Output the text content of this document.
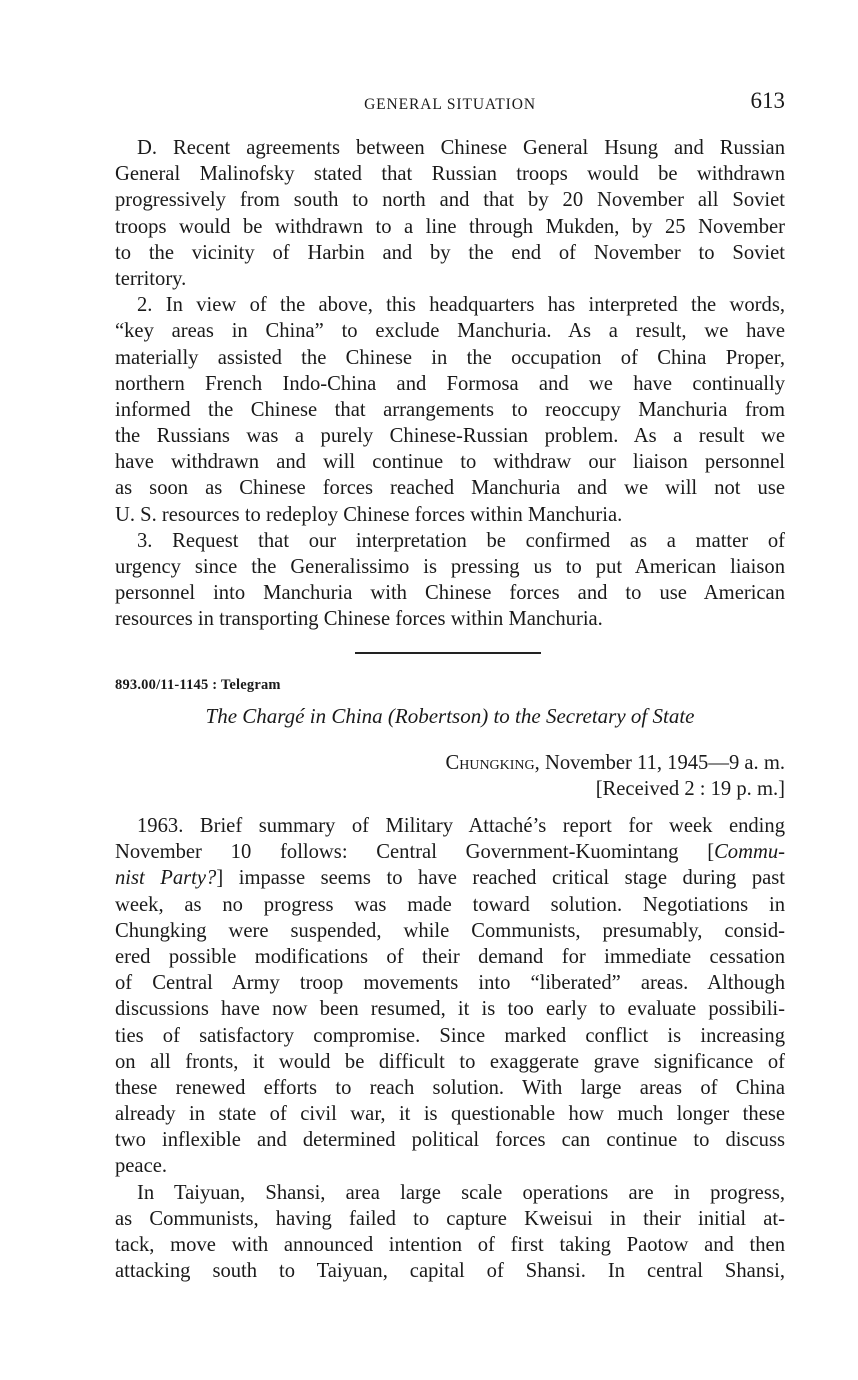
GENERAL SITUATION	613
D. Recent agreements between Chinese General Hsung and Russian
General Malinofsky stated that Russian troops would be withdrawn
progressively from south to north and that by 20 November all Soviet
troops would be withdrawn to a line through Mukden, by 25 November
to the vicinity of Harbin and by the end of November to Soviet
territory.
2. In view of the above, this headquarters has interpreted the words,
“key areas in China” to exclude Manchuria. As a result, we have
materially assisted the Chinese in the occupation of China Proper,
northern French Indo-China and Formosa and we have continually
informed the Chinese that arrangements to reoccupy Manchuria from
the Russians was a purely Chinese-Russian problem. As a result we
have withdrawn and will continue to withdraw our liaison personnel
as soon as Chinese forces reached Manchuria and we will not use
U. S. resources to redeploy Chinese forces within Manchuria.
3. Request that our interpretation be confirmed as a matter of
urgency since the Generalissimo is pressing us to put American liaison
personnel into Manchuria with Chinese forces and to use American
resources in transporting Chinese forces within Manchuria.
893.00/11-1145 : Telegram
The Chargé in China (Robertson) to the Secretary of State
Chungking, November 11, 1945—9 a. m.
[Received 2 : 19 p. m.]
1963. Brief summary of Military Attaché’s report for week ending
November 10 follows: Central Government-Kuomintang [Commu-
nist Party?] impasse seems to have reached critical stage during past
week, as no progress was made toward solution. Negotiations in
Chungking were suspended, while Communists, presumably, consid-
ered possible modifications of their demand for immediate cessation
of Central Army troop movements into “liberated” areas. Although
discussions have now been resumed, it is too early to evaluate possibili-
ties of satisfactory compromise. Since marked conflict is increasing
on all fronts, it would be difficult to exaggerate grave significance of
these renewed efforts to reach solution. With large areas of China
already in state of civil war, it is questionable how much longer these
two inflexible and determined political forces can continue to discuss
peace.
In Taiyuan, Shansi, area large scale operations are in progress,
as Communists, having failed to capture Kweisui in their initial at-
tack, move with announced intention of first taking Paotow and then
attacking south to Taiyuan, capital of Shansi. In central Shansi,
